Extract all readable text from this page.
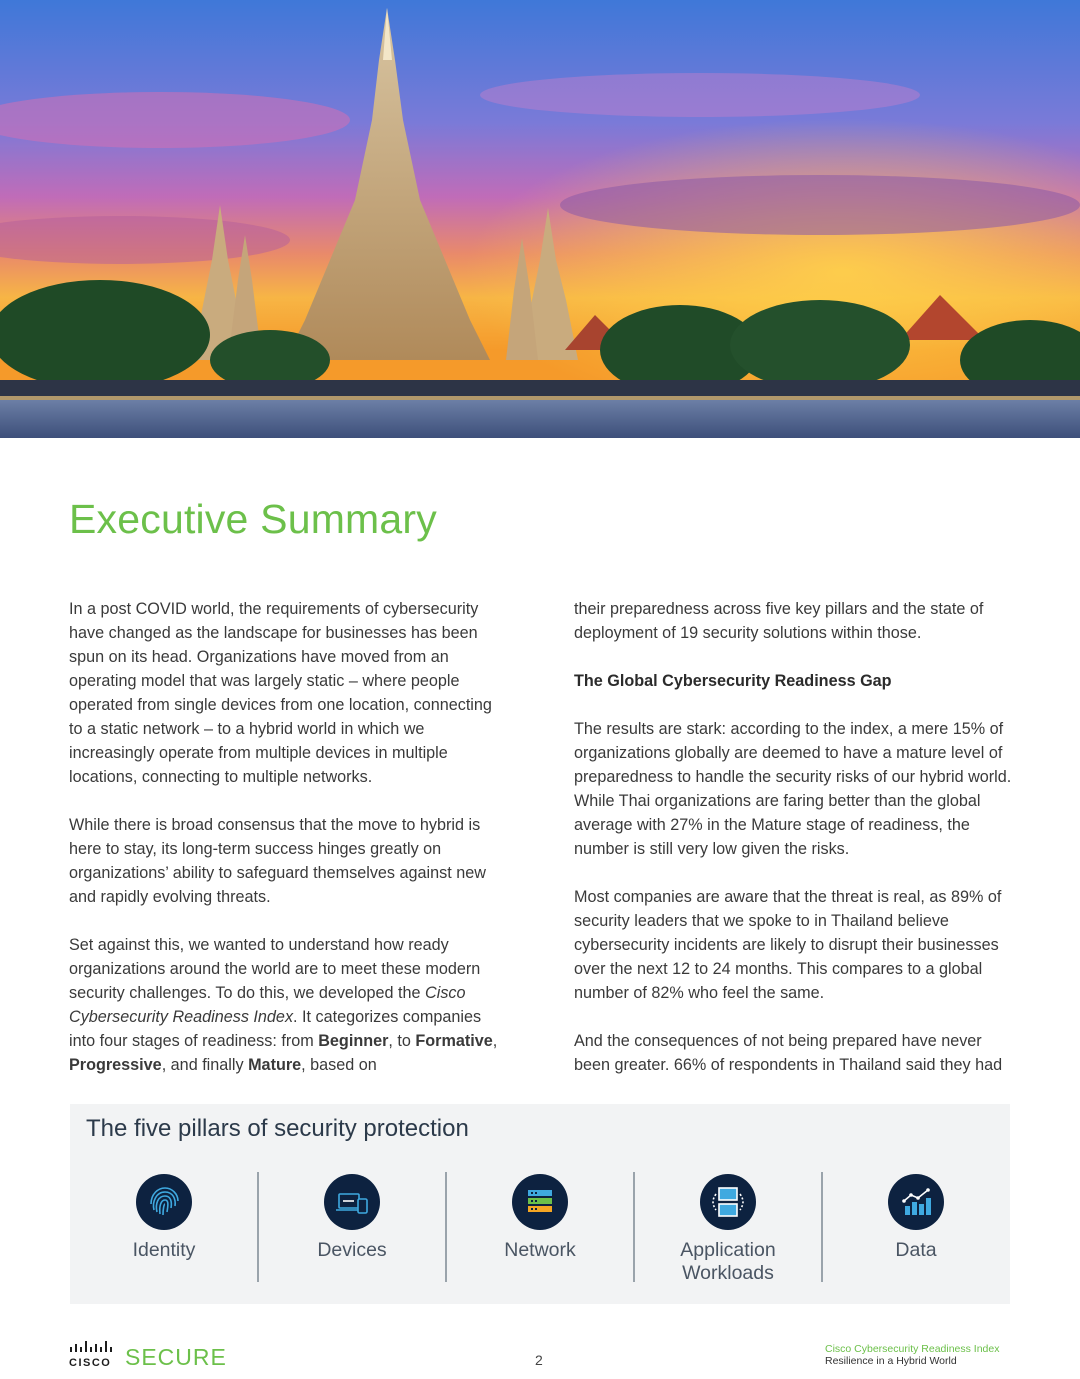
Executive Summary

In a post COVID world, the requirements of cybersecurity have changed as the landscape for businesses has been spun on its head. Organizations have moved from an operating model that was largely static – where people operated from single devices from one location, connecting to a static network – to a hybrid world in which we increasingly operate from multiple devices in multiple locations, connecting to multiple networks.

While there is broad consensus that the move to hybrid is here to stay, its long-term success hinges greatly on organizations’ ability to safeguard themselves against new and rapidly evolving threats.

Set against this, we wanted to understand how ready organizations around the world are to meet these modern security challenges. To do this, we developed the Cisco Cybersecurity Readiness Index. It categorizes companies into four stages of readiness: from Beginner, to Formative, Progressive, and finally Mature, based on

their preparedness across five key pillars and the state of deployment of 19 security solutions within those.

The Global Cybersecurity Readiness Gap

The results are stark: according to the index, a mere 15% of organizations globally are deemed to have a mature level of preparedness to handle the security risks of our hybrid world. While Thai organizations are faring better than the global average with 27% in the Mature stage of readiness, the number is still very low given the risks.

Most companies are aware that the threat is real, as 89% of security leaders that we spoke to in Thailand believe cybersecurity incidents are likely to disrupt their businesses over the next 12 to 24 months. This compares to a global number of 82% who feel the same.

And the consequences of not being prepared have never been greater. 66% of respondents in Thailand said they had

The five pillars of security protection
Identity	Devices	Network	Application Workloads
Data
CISCO SECURE	2
Cisco Cybersecurity Readiness Index
Resilience in a Hybrid World
